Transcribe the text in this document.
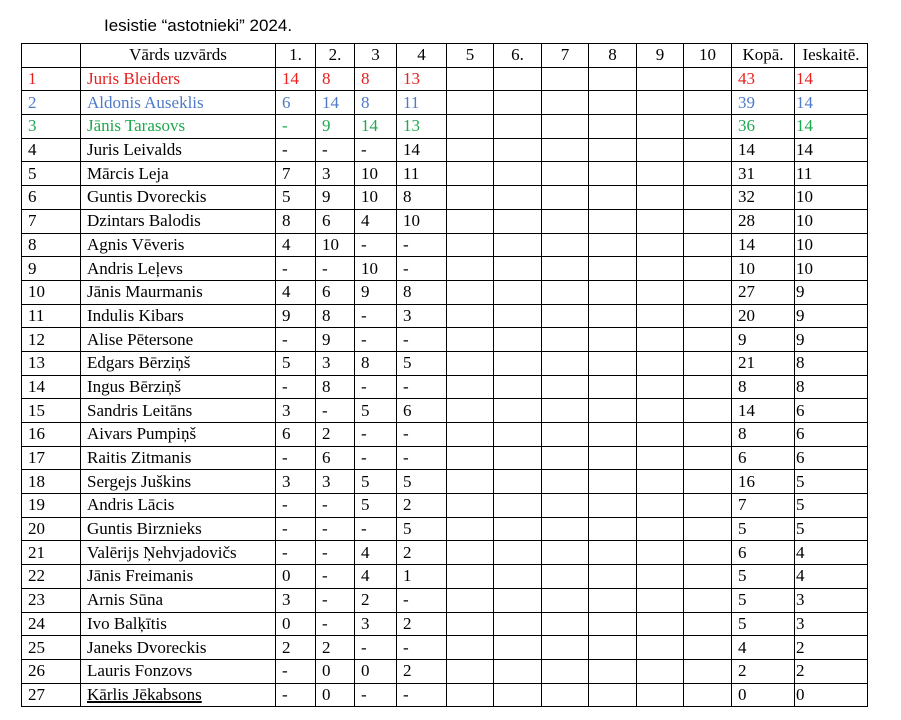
Iesistie “astotnieki” 2024.
	Vārds uzvārds	1.	2.	3	4	5	6.	7	8	9	10	Kopā.	Ieskaitē.
1	Juris Bleiders	14	8	8	13							43	14
2	Aldonis Auseklis	6	14	8	11							39	14
3	Jānis Tarasovs	-	9	14	13							36	14
4	Juris Leivalds	-	-	-	14							14	14
5	Mārcis Leja	7	3	10	11							31	11
6	Guntis Dvoreckis	5	9	10	8							32	10
7	Dzintars Balodis	8	6	4	10							28	10
8	Agnis Vēveris	4	10	-	-							14	10
9	Andris Leļevs	-	-	10	-							10	10
10	Jānis Maurmanis	4	6	9	8							27	9
11	Indulis Kibars	9	8	-	3							20	9
12	Alise Pētersone	-	9	-	-							9	9
13	Edgars Bērziņš	5	3	8	5							21	8
14	Ingus Bērziņš	-	8	-	-							8	8
15	Sandris Leitāns	3	-	5	6							14	6
16	Aivars Pumpiņš	6	2	-	-							8	6
17	Raitis Zitmanis	-	6	-	-							6	6
18	Sergejs Juškins	3	3	5	5							16	5
19	Andris Lācis	-	-	5	2							7	5
20	Guntis Birznieks	-	-	-	5							5	5
21	Valērijs Ņehvjadovičs	-	-	4	2							6	4
22	Jānis Freimanis	0	-	4	1							5	4
23	Arnis Sūna	3	-	2	-							5	3
24	Ivo Balķītis	0	-	3	2							5	3
25	Janeks Dvoreckis	2	2	-	-							4	2
26	Lauris Fonzovs	-	0	0	2							2	2
27	Kārlis Jēkabsons	-	0	-	-							0	0
